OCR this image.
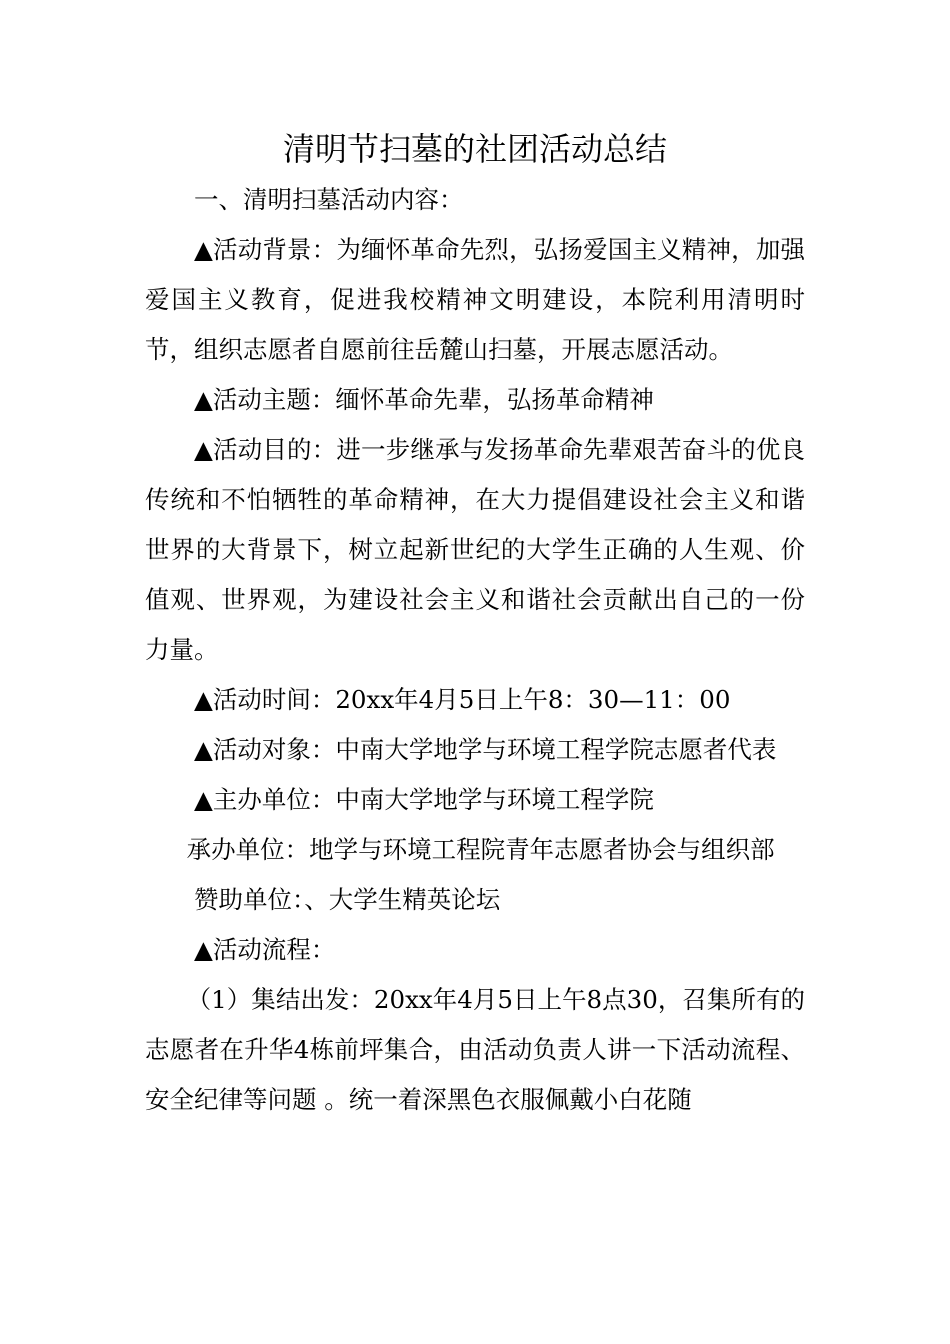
清明节扫墓的社团活动总结

一、清明扫墓活动内容：

▲活动背景：为缅怀革命先烈，弘扬爱国主义精神，加强爱国主义教育，促进我校精神文明建设，本院利用清明时节，组织志愿者自愿前往岳麓山扫墓，开展志愿活动。

▲活动主题：缅怀革命先辈，弘扬革命精神

▲活动目的：进一步继承与发扬革命先辈艰苦奋斗的优良传统和不怕牺牲的革命精神，在大力提倡建设社会主义和谐世界的大背景下，树立起新世纪的大学生正确的人生观、价值观、世界观，为建设社会主义和谐社会贡献出自己的一份力量。

▲活动时间：20xx年4月5日上午8：30—11：00

▲活动对象：中南大学地学与环境工程学院志愿者代表

▲主办单位：中南大学地学与环境工程学院

承办单位：地学与环境工程院青年志愿者协会与组织部

赞助单位：、大学生精英论坛

▲活动流程：

（1）集结出发：20xx年4月5日上午8点30，召集所有的志愿者在升华4栋前坪集合，由活动负责人讲一下活动流程、安全纪律等问题 。统一着深黑色衣服佩戴小白花随
